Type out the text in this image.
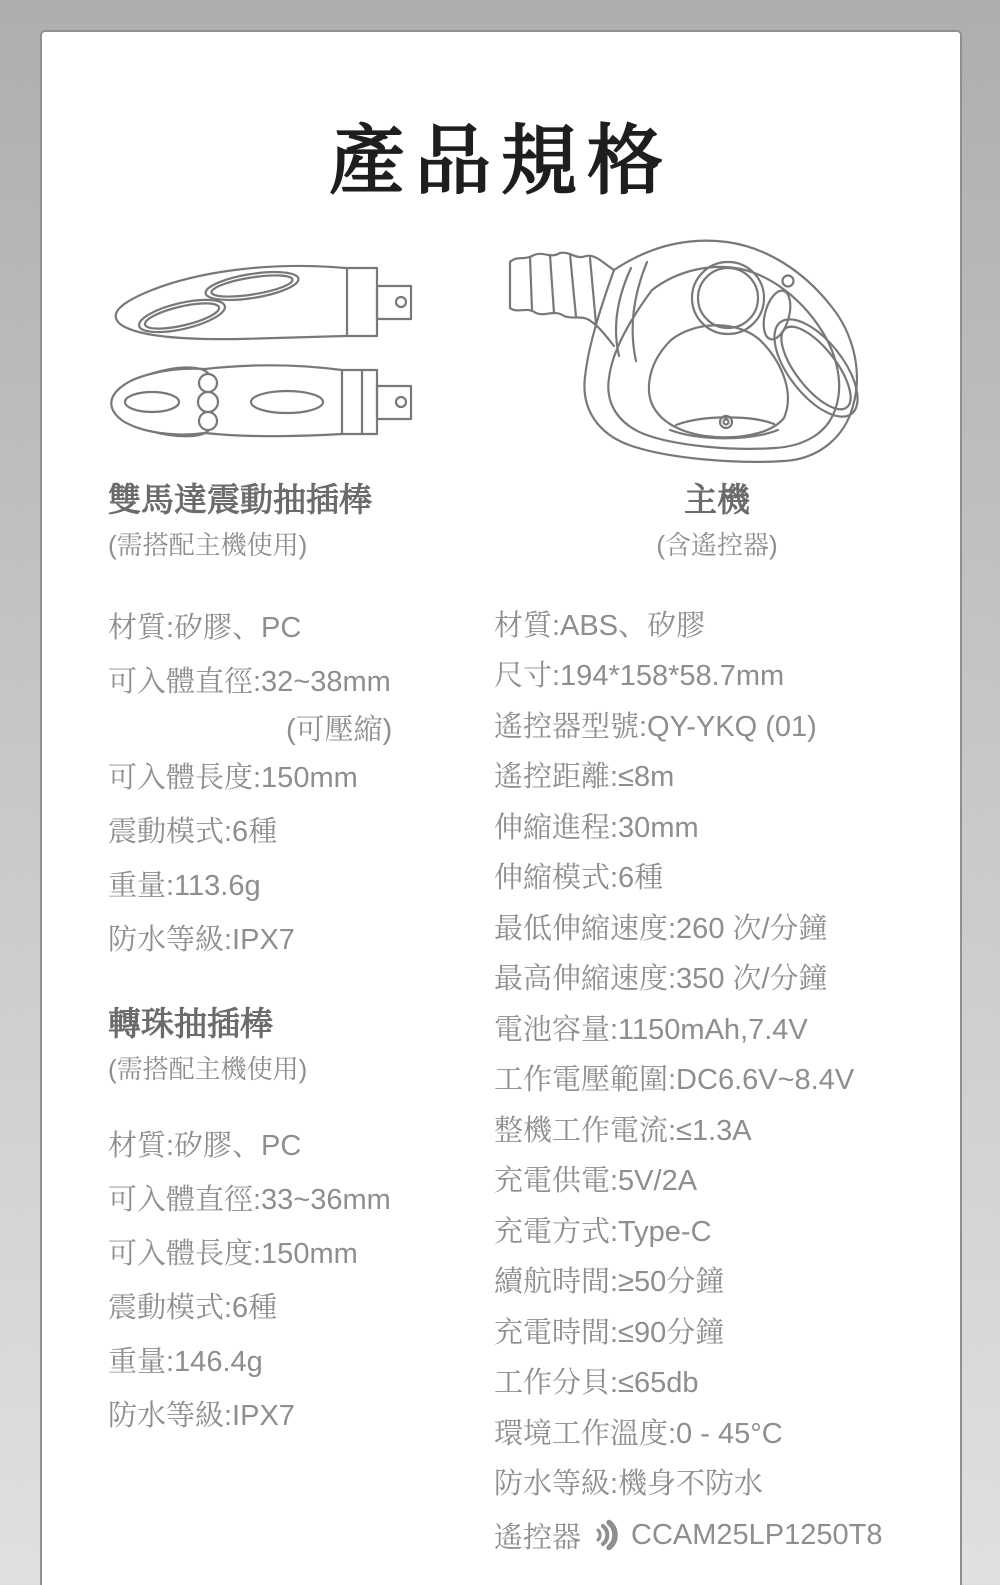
產品規格
雙馬達震動抽插棒
(需搭配主機使用)
材質:矽膠、PC
可入體直徑:32~38mm
(可壓縮)
可入體長度:150mm
震動模式:6種
重量:113.6g
防水等級:IPX7
轉珠抽插棒
(需搭配主機使用)
材質:矽膠、PC
可入體直徑:33~36mm
可入體長度:150mm
震動模式:6種
重量:146.4g
防水等級:IPX7
主機
(含遙控器)
材質:ABS、矽膠
尺寸:194*158*58.7mm
遙控器型號:QY-YKQ (01)
遙控距離:≤8m
伸縮進程:30mm
伸縮模式:6種
最低伸縮速度:260 次/分鐘
最高伸縮速度:350 次/分鐘
電池容量:1150mAh,7.4V
工作電壓範圍:DC6.6V~8.4V
整機工作電流:≤1.3A
充電供電:5V/2A
充電方式:Type-C
續航時間:≥50分鐘
充電時間:≤90分鐘
工作分貝:≤65db
環境工作溫度:0 - 45°C
防水等級:機身不防水
遙控器 CCAM25LP1250T8
